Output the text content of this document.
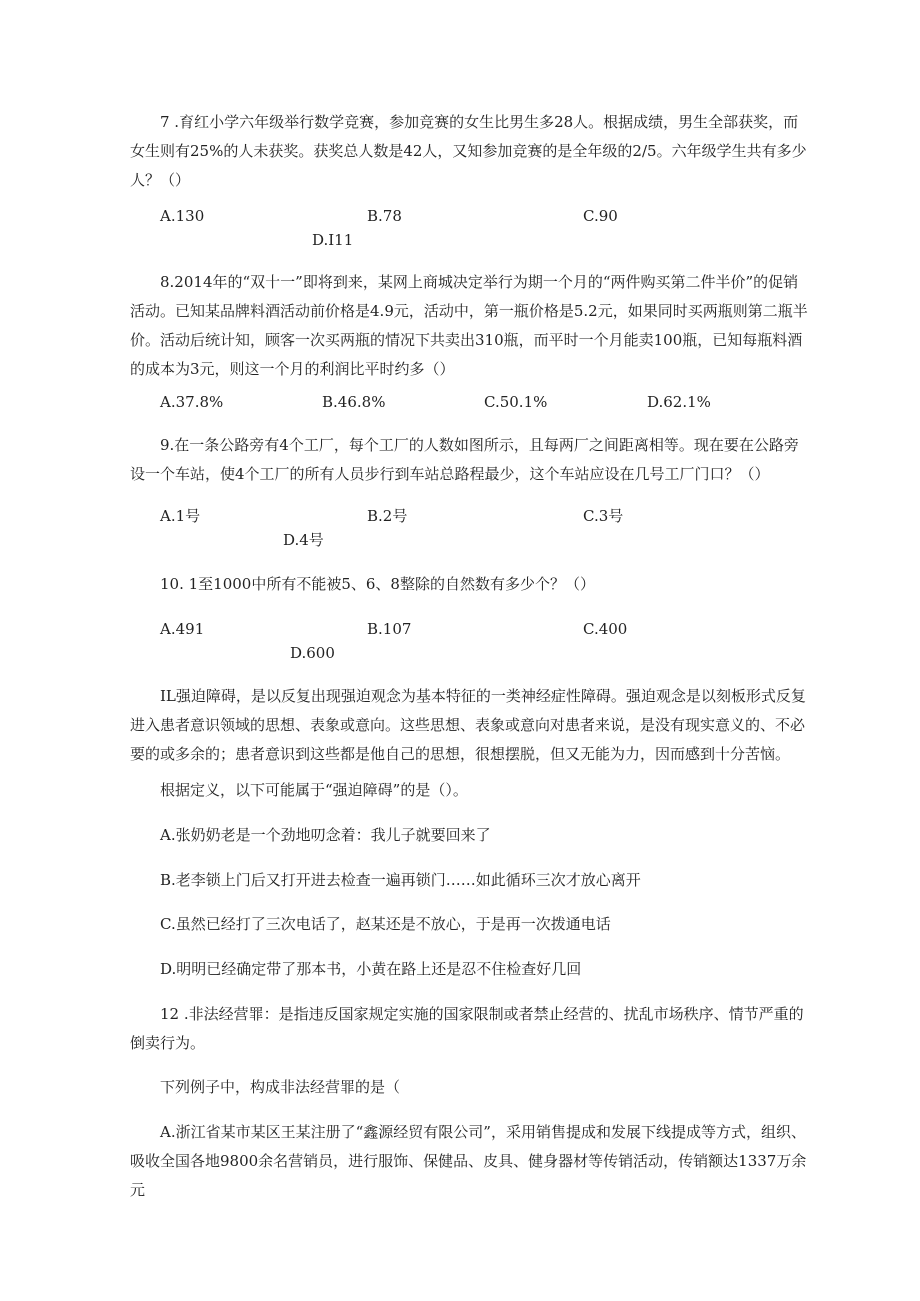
7 .育红小学六年级举行数学竞赛，参加竞赛的女生比男生多28人。根据成绩，男生全部获奖，而女生则有25%的人未获奖。获奖总人数是42人，又知参加竞赛的是全年级的2/5。六年级学生共有多少人？（）

A.130	B.78	C.90
D.I11

8.2014年的“双十一”即将到来，某网上商城决定举行为期一个月的“两件购买第二件半价”的促销活动。已知某品牌料酒活动前价格是4.9元，活动中，第一瓶价格是5.2元，如果同时买两瓶则第二瓶半价。活动后统计知，顾客一次买两瓶的情况下共卖出310瓶，而平时一个月能卖100瓶，已知每瓶料酒的成本为3元，则这一个月的利润比平时约多（）

A.37.8%	B.46.8%	C.50.1%	D.62.1%

9.在一条公路旁有4个工厂，每个工厂的人数如图所示，且每两厂之间距离相等。现在要在公路旁设一个车站，使4个工厂的所有人员步行到车站总路程最少，这个车站应设在几号工厂门口？（）

A.1号	B.2号	C.3号
D.4号

10. 1至1000中所有不能被5、6、8整除的自然数有多少个？（）

A.491	B.107	C.400
D.600

IL强迫障碍，是以反复出现强迫观念为基本特征的一类神经症性障碍。强迫观念是以刻板形式反复进入患者意识领域的思想、表象或意向。这些思想、表象或意向对患者来说，是没有现实意义的、不必要的或多余的；患者意识到这些都是他自己的思想，很想摆脱，但又无能为力，因而感到十分苦恼。

根据定义，以下可能属于“强迫障碍”的是（）。

A.张奶奶老是一个劲地叨念着：我儿子就要回来了

B.老李锁上门后又打开进去检查一遍再锁门……如此循环三次才放心离开

C.虽然已经打了三次电话了，赵某还是不放心，于是再一次拨通电话

D.明明已经确定带了那本书，小黄在路上还是忍不住检查好几回

12 .非法经营罪：是指违反国家规定实施的国家限制或者禁止经营的、扰乱市场秩序、情节严重的倒卖行为。

下列例子中，构成非法经营罪的是（

A.浙江省某市某区王某注册了“鑫源经贸有限公司”，采用销售提成和发展下线提成等方式，组织、吸收全国各地9800余名营销员，进行服饰、保健品、皮具、健身器材等传销活动，传销额达1337万余元
